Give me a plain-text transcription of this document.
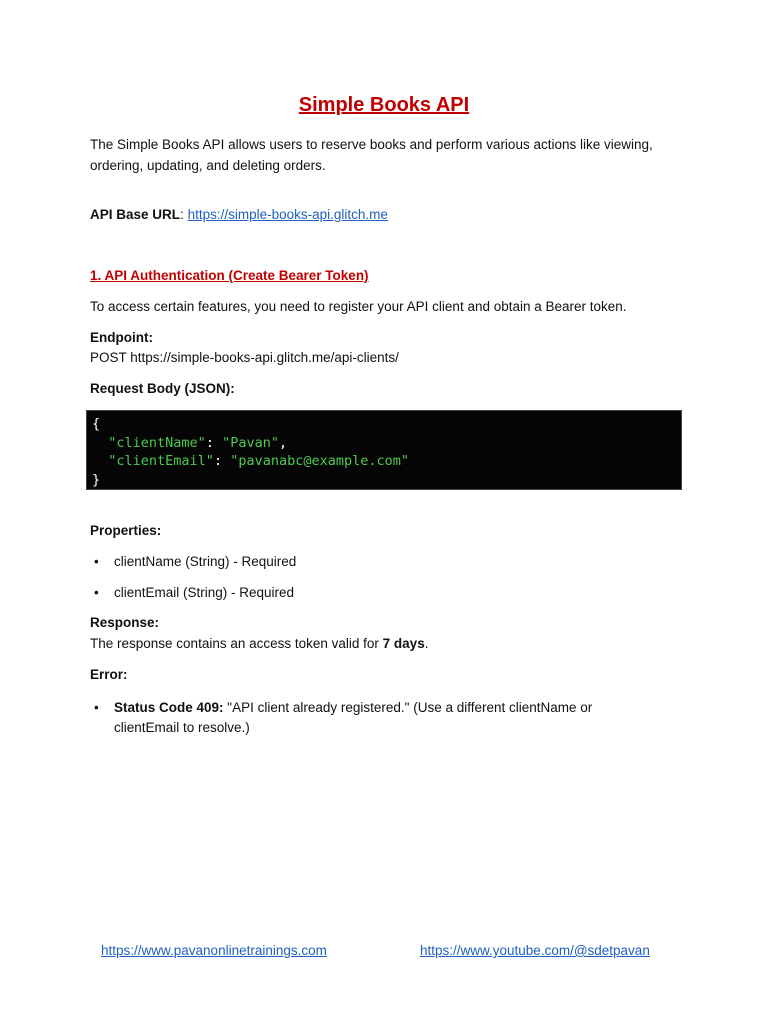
Simple Books API
The Simple Books API allows users to reserve books and perform various actions like viewing, ordering, updating, and deleting orders.
API Base URL: https://simple-books-api.glitch.me
1. API Authentication (Create Bearer Token)
To access certain features, you need to register your API client and obtain a Bearer token.
Endpoint:
POST https://simple-books-api.glitch.me/api-clients/
Request Body (JSON):
{
"clientName": "Pavan",
"clientEmail": "pavanabc@example.com"
}
Properties:
• clientName (String) - Required
• clientEmail (String) - Required
Response:
The response contains an access token valid for 7 days.
Error:
• Status Code 409: "API client already registered." (Use a different clientName or
clientEmail to resolve.)
https://www.pavanonlinetrainings.com	https://www.youtube.com/@sdetpavan
